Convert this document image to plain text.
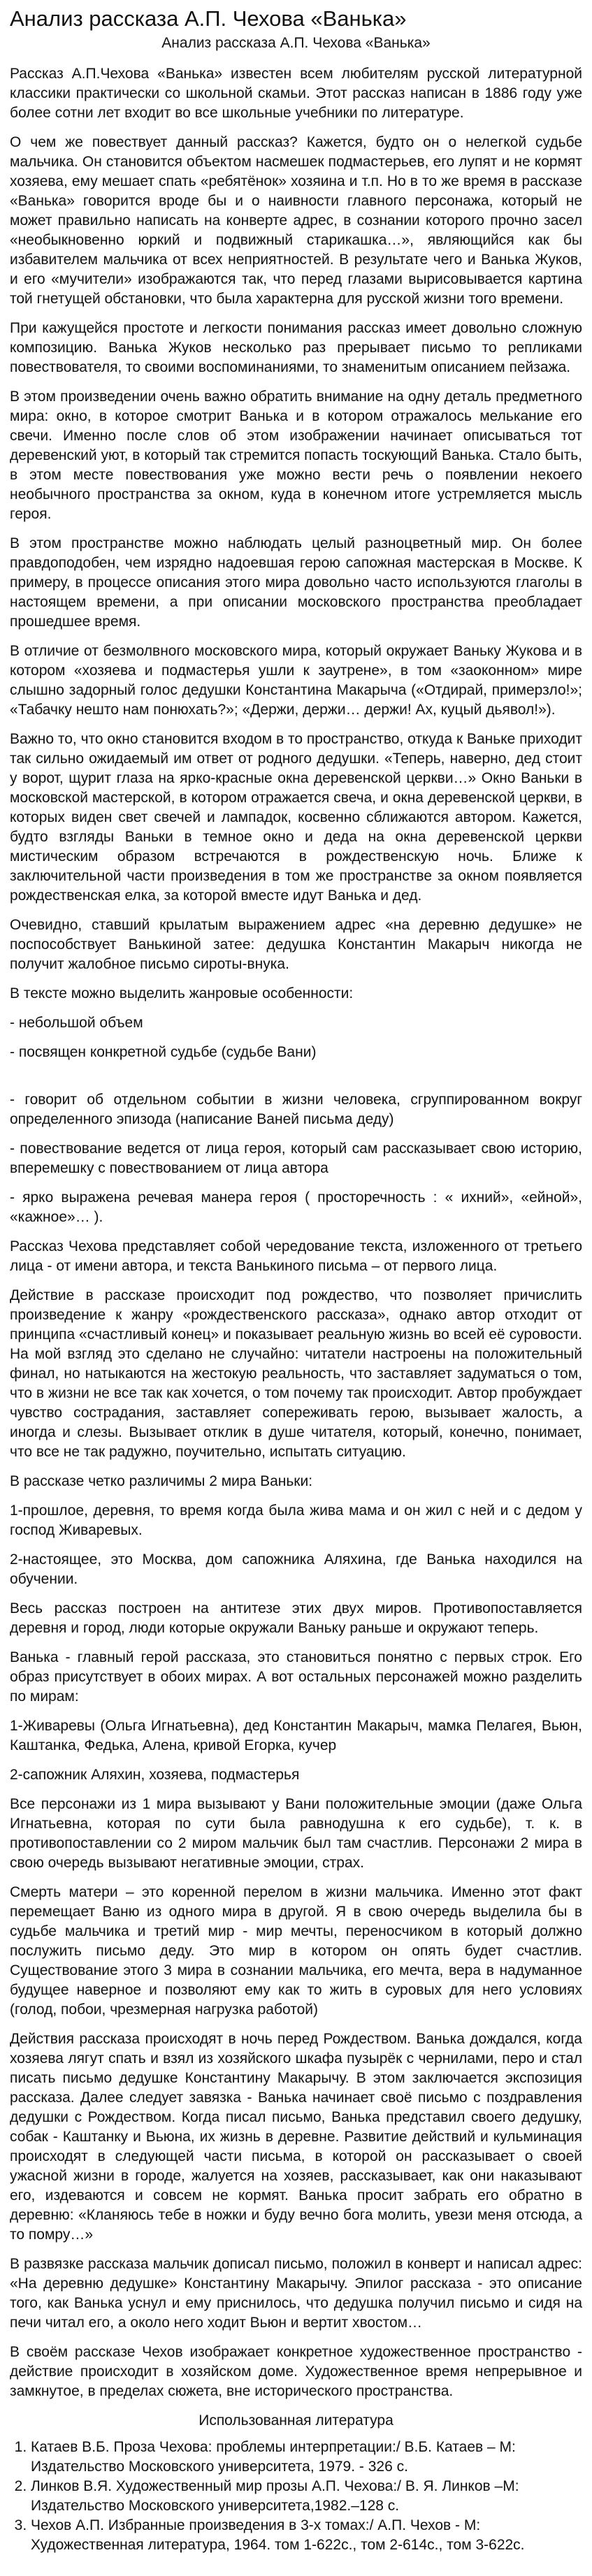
Анализ рассказа А.П. Чехова «Ванька»
Анализ рассказа А.П. Чехова «Ванька»

Рассказ А.П.Чехова «Ванька» известен всем любителям русской литературной классики практически со школьной скамьи. Этот рассказ написан в 1886 году уже более сотни лет входит во все школьные учебники по литературе.

О чем же повествует данный рассказ? Кажется, будто он о нелегкой судьбе мальчика. Он становится объектом насмешек подмастерьев, его лупят и не кормят хозяева, ему мешает спать «ребятёнок» хозяина и т.п. Но в то же время в рассказе «Ванька» говорится вроде бы и о наивности главного персонажа, который не может правильно написать на конверте адрес, в сознании которого прочно засел «необыкновенно юркий и подвижный старикашка…», являющийся как бы избавителем мальчика от всех неприятностей. В результате чего и Ванька Жуков, и его «мучители» изображаются так, что перед глазами вырисовывается картина той гнетущей обстановки, что была характерна для русской жизни того времени.

При кажущейся простоте и легкости понимания рассказ имеет довольно сложную композицию. Ванька Жуков несколько раз прерывает письмо то репликами повествователя, то своими воспоминаниями, то знаменитым описанием пейзажа.

В этом произведении очень важно обратить внимание на одну деталь предметного мира: окно, в которое смотрит Ванька и в котором отражалось мелькание его свечи. Именно после слов об этом изображении начинает описываться тот деревенский уют, в который так стремится попасть тоскующий Ванька. Стало быть, в этом месте повествования уже можно вести речь о появлении некоего необычного пространства за окном, куда в конечном итоге устремляется мысль героя.

В этом пространстве можно наблюдать целый разноцветный мир. Он более правдоподобен, чем изрядно надоевшая герою сапожная мастерская в Москве. К примеру, в процессе описания этого мира довольно часто используются глаголы в настоящем времени, а при описании московского пространства преобладает прошедшее время.

В отличие от безмолвного московского мира, который окружает Ваньку Жукова и в котором «хозяева и подмастерья ушли к заутрене», в том «заоконном» мире слышно задорный голос дедушки Константина Макарыча («Отдирай, примерзло!»; «Табачку нешто нам понюхать?»; «Держи, держи… держи! Ах, куцый дьявол!»).

Важно то, что окно становится входом в то пространство, откуда к Ваньке приходит так сильно ожидаемый им ответ от родного дедушки. «Теперь, наверно, дед стоит у ворот, щурит глаза на ярко-красные окна деревенской церкви…» Окно Ваньки в московской мастерской, в котором отражается свеча, и окна деревенской церкви, в которых виден свет свечей и лампадок, косвенно сближаются автором. Кажется, будто взгляды Ваньки в темное окно и деда на окна деревенской церкви мистическим образом встречаются в рождественскую ночь. Ближе к заключительной части произведения в том же пространстве за окном появляется рождественская елка, за которой вместе идут Ванька и дед.

Очевидно, ставший крылатым выражением адрес «на деревню дедушке» не поспособствует Ванькиной затее: дедушка Константин Макарыч никогда не получит жалобное письмо сироты-внука.

В тексте можно выделить жанровые особенности:

- небольшой объем

- посвящен конкретной судьбе (судьбе Вани)

- говорит об отдельном событии в жизни человека, сгруппированном вокруг определенного эпизода (написание Ваней письма деду)

- повествование ведется от лица героя, который сам рассказывает свою историю, вперемешку с повествованием от лица автора

- ярко выражена речевая манера героя ( просторечность : « ихний», «ейной», «кажное»… ).

Рассказ Чехова представляет собой чередование текста, изложенного от третьего лица - от имени автора, и текста Ванькиного письма – от первого лица.

Действие в рассказе происходит под рождество, что позволяет причислить произведение к жанру «рождественского рассказа», однако автор отходит от принципа «счастливый конец» и показывает реальную жизнь во всей её суровости. На мой взгляд это сделано не случайно: читатели настроены на положительный финал, но натыкаются на жестокую реальность, что заставляет задуматься о том, что в жизни не все так как хочется, о том почему так происходит. Автор пробуждает чувство сострадания, заставляет сопереживать герою, вызывает жалость, а иногда и слезы. Вызывает отклик в душе читателя, который, конечно, понимает, что все не так радужно, поучительно, испытать ситуацию.

В рассказе четко различимы 2 мира Ваньки:

1-прошлое, деревня, то время когда была жива мама и он жил с ней и с дедом у господ Живаревых.

2-настоящее, это Москва, дом сапожника Аляхина, где Ванька находился на обучении.

Весь рассказ построен на антитезе этих двух миров. Противопоставляется деревня и город, люди которые окружали Ваньку раньше и окружают теперь.

Ванька - главный герой рассказа, это становиться понятно с первых строк. Его образ присутствует в обоих мирах. А вот остальных персонажей можно разделить по мирам:

1-Живаревы (Ольга Игнатьевна), дед Константин Макарыч, мамка Пелагея, Вьюн, Каштанка, Федька, Алена, кривой Егорка, кучер

2-сапожник Аляхин, хозяева, подмастерья

Все персонажи из 1 мира вызывают у Вани положительные эмоции (даже Ольга Игнатьевна, которая по сути была равнодушна к его судьбе), т. к. в противопоставлении со 2 миром мальчик был там счастлив. Персонажи 2 мира в свою очередь вызывают негативные эмоции, страх.

Смерть матери – это коренной перелом в жизни мальчика. Именно этот факт перемещает Ваню из одного мира в другой. Я в свою очередь выделила бы в судьбе мальчика и третий мир - мир мечты, переносчиком в который должно послужить письмо деду. Это мир в котором он опять будет счастлив. Существование этого 3 мира в сознании мальчика, его мечта, вера в надуманное будущее наверное и позволяют ему как то жить в суровых для него условиях (голод, побои, чрезмерная нагрузка работой)

Действия рассказа происходят в ночь перед Рождеством. Ванька дождался, когда хозяева лягут спать и взял из хозяйского шкафа пузырёк с чернилами, перо и стал писать письмо дедушке Константину Макарычу. В этом заключается экспозиция рассказа. Далее следует завязка - Ванька начинает своё письмо с поздравления дедушки с Рождеством. Когда писал письмо, Ванька представил своего дедушку, собак - Каштанку и Вьюна, их жизнь в деревне. Развитие действий и кульминация происходят в следующей части письма, в которой он рассказывает о своей ужасной жизни в городе, жалуется на хозяев, рассказывает, как они наказывают его, издеваются и совсем не кормят. Ванька просит забрать его обратно в деревню: «Кланяюсь тебе в ножки и буду вечно бога молить, увези меня отсюда, а то помру…»

В развязке рассказа мальчик дописал письмо, положил в конверт и написал адрес: «На деревню дедушке» Константину Макарычу. Эпилог рассказа - это описание того, как Ванька уснул и ему приснилось, что дедушка получил письмо и сидя на печи читал его, а около него ходит Вьюн и вертит хвостом…

В своём рассказе Чехов изображает конкретное художественное пространство - действие происходит в хозяйском доме. Художественное время непрерывное и замкнутое, в пределах сюжета, вне исторического пространства.

Использованная литература
1. Катаев В.Б. Проза Чехова: проблемы интерпретации:/ В.Б. Катаев – М: Издательство Московского университета, 1979. - 326 с.
2. Линков В.Я. Художественный мир прозы А.П. Чехова:/ В. Я. Линков –М: Издательство Московского университета,1982.–128 с.
3. Чехов А.П. Избранные произведения в 3-х томах:/ А.П. Чехов - М: Художественная литература, 1964. том 1-622с., том 2-614с., том 3-622с.
